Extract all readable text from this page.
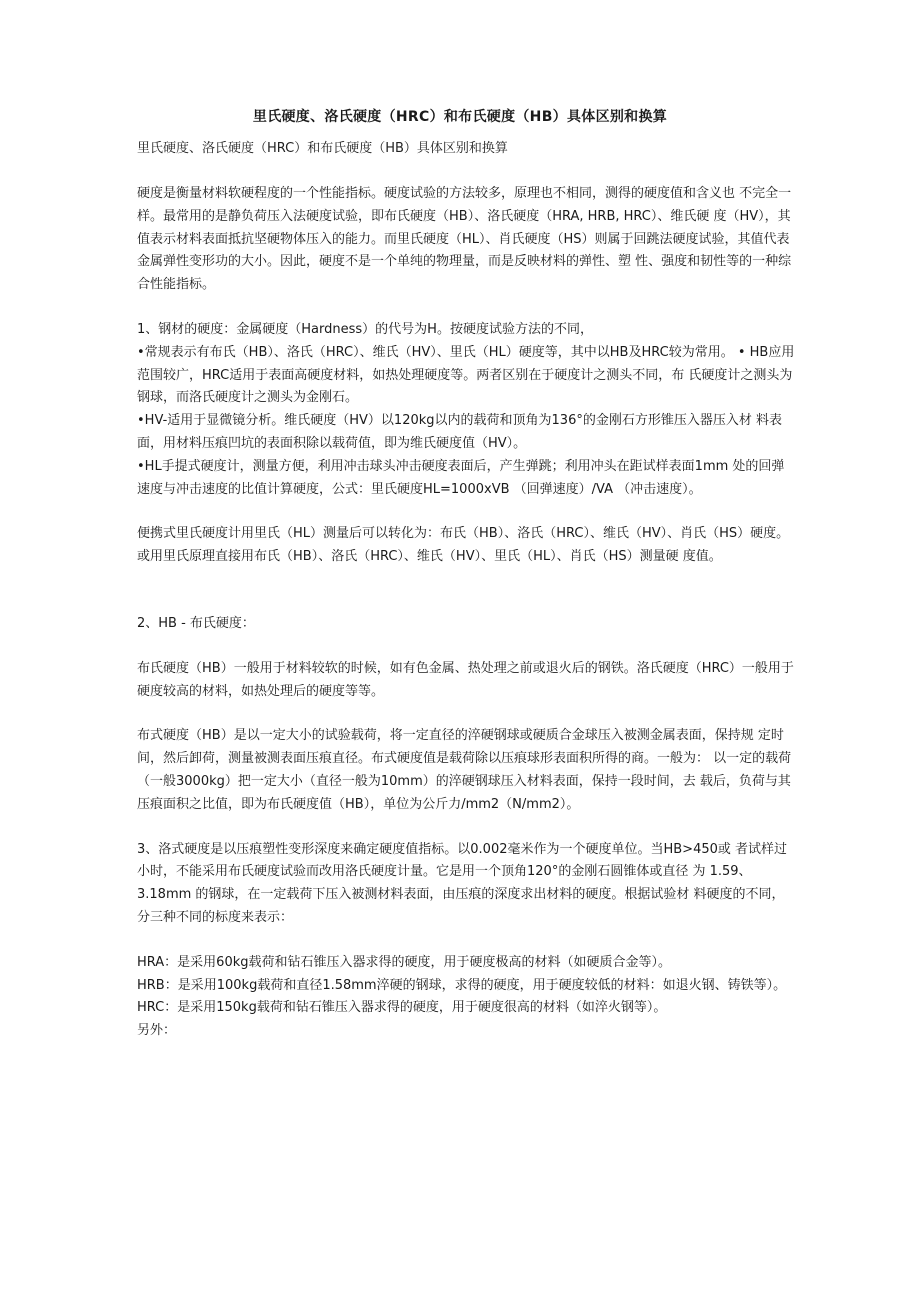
里氏硬度、洛氏硬度（HRC）和布氏硬度（HB）具体区别和换算
里氏硬度、洛氏硬度（HRC）和布氏硬度（HB）具体区别和换算

硬度是衡量材料软硬程度的一个性能指标。硬度试验的方法较多，原理也不相同，测得的硬度值和含义也 不完全一样。最常用的是静负荷压入法硬度试验，即布氏硬度（HB）、洛氏硬度（HRA, HRB, HRC）、维氏硬 度（HV），其值表示材料表面抵抗坚硬物体压入的能力。而里氏硬度（HL）、肖氏硬度（HS）则属于回跳法硬度试验，其值代表金属弹性变形功的大小。因此，硬度不是一个单纯的物理量，而是反映材料的弹性、塑 性、强度和韧性等的一种综合性能指标。

1、钢材的硬度：金属硬度（Hardness）的代号为H。按硬度试验方法的不同，

•常规表示有布氏（HB）、洛氏（HRC）、维氏（HV）、里氏（HL）硬度等，其中以HB及HRC较为常用。 • HB应用范围较广，HRC适用于表面高硬度材料，如热处理硬度等。两者区别在于硬度计之测头不同，布 氏硬度计之测头为钢球，而洛氏硬度计之测头为金刚石。

•HV-适用于显微镜分析。维氏硬度（HV）以120kg以内的载荷和顶角为136°的金刚石方形锥压入器压入材 料表面，用材料压痕凹坑的表面积除以载荷值，即为维氏硬度值（HV）。

•HL手提式硬度计，测量方便，利用冲击球头冲击硬度表面后，产生弹跳；利用冲头在距试样表面1mm 处的回弹速度与冲击速度的比值计算硬度，公式：里氏硬度HL=1000xVB （回弹速度）/VA （冲击速度）。

便携式里氏硬度计用里氏（HL）测量后可以转化为：布氏（HB）、洛氏（HRC）、维氏（HV）、肖氏（HS）硬度。或用里氏原理直接用布氏（HB）、洛氏（HRC）、维氏（HV）、里氏（HL）、肖氏（HS）测量硬 度值。

2、HB - 布氏硬度：

布氏硬度（HB）一般用于材料较软的时候，如有色金属、热处理之前或退火后的钢铁。洛氏硬度（HRC）一般用于硬度较高的材料，如热处理后的硬度等等。

布式硬度（HB）是以一定大小的试验载荷，将一定直径的淬硬钢球或硬质合金球压入被测金属表面，保持规 定时间，然后卸荷，测量被测表面压痕直径。布式硬度值是载荷除以压痕球形表面积所得的商。一般为： 以一定的载荷（一般3000kg）把一定大小（直径一般为10mm）的淬硬钢球压入材料表面，保持一段时间，去 载后，负荷与其压痕面积之比值，即为布氏硬度值（HB），单位为公斤力/mm2（N/mm2）。

3、洛式硬度是以压痕塑性变形深度来确定硬度值指标。以0.002毫米作为一个硬度单位。当HB>450或 者试样过小时，不能采用布氏硬度试验而改用洛氏硬度计量。它是用一个顶角120°的金刚石圆锥体或直径 为 1.59、3.18mm 的钢球，在一定载荷下压入被测材料表面，由压痕的深度求出材料的硬度。根据试验材 料硬度的不同，分三种不同的标度来表示：

HRA：是采用60kg载荷和钻石锥压入器求得的硬度，用于硬度极高的材料（如硬质合金等）。

HRB：是采用100kg载荷和直径1.58mm淬硬的钢球，求得的硬度，用于硬度较低的材料：如退火钢、铸铁等）。

HRC：是采用150kg载荷和钻石锥压入器求得的硬度，用于硬度很高的材料（如淬火钢等）。

另外：
